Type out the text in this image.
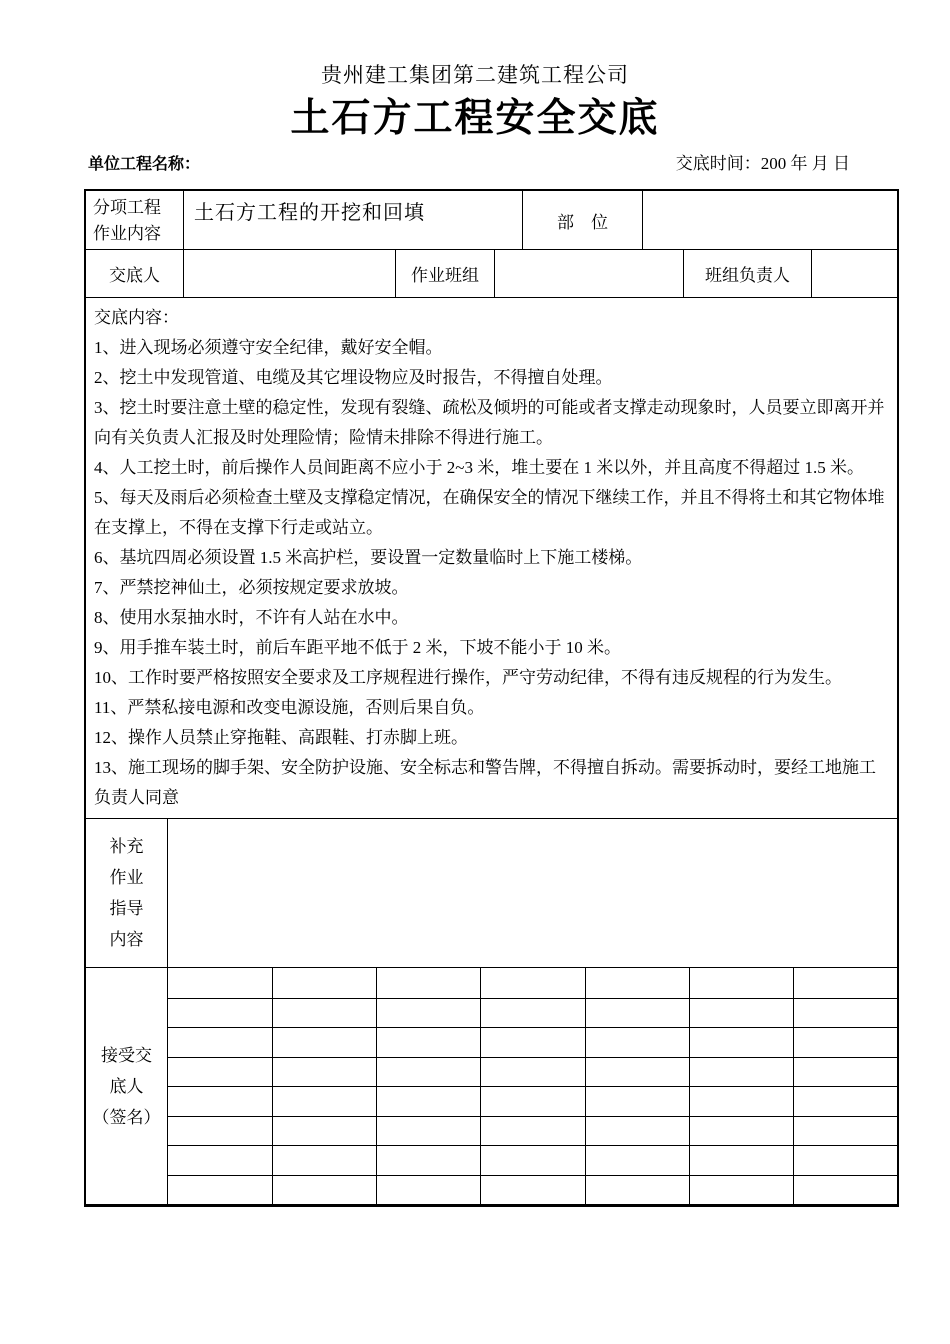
贵州建工集团第二建筑工程公司
土石方工程安全交底
单位工程名称：	交底时间：200 年 月 日
分项工程
作业内容
土石方工程的开挖和回填	部　位
交底人	作业班组	班组负责人

交底内容：

1、进入现场必须遵守安全纪律，戴好安全帽。

2、挖土中发现管道、电缆及其它埋设物应及时报告，不得擅自处理。

3、挖土时要注意土壁的稳定性，发现有裂缝、疏松及倾坍的可能或者支撑走动现象时，人员要立即离开并向有关负责人汇报及时处理险情；险情未排除不得进行施工。

4、人工挖土时，前后操作人员间距离不应小于 2~3 米，堆土要在 1 米以外，并且高度不得超过 1.5 米。

5、每天及雨后必须检查土壁及支撑稳定情况，在确保安全的情况下继续工作，并且不得将土和其它物体堆在支撑上，不得在支撑下行走或站立。

6、基坑四周必须设置 1.5 米高护栏，要设置一定数量临时上下施工楼梯。

7、严禁挖神仙土，必须按规定要求放坡。

8、使用水泵抽水时，不许有人站在水中。

9、用手推车装土时，前后车距平地不低于 2 米，下坡不能小于 10 米。

10、工作时要严格按照安全要求及工序规程进行操作，严守劳动纪律，不得有违反规程的行为发生。

11、严禁私接电源和改变电源设施，否则后果自负。

12、操作人员禁止穿拖鞋、高跟鞋、打赤脚上班。

13、施工现场的脚手架、安全防护设施、安全标志和警告牌，不得擅自拆动。需要拆动时，要经工地施工负责人同意

补充
作业
指导
内容
接受交
底人
（签名）
